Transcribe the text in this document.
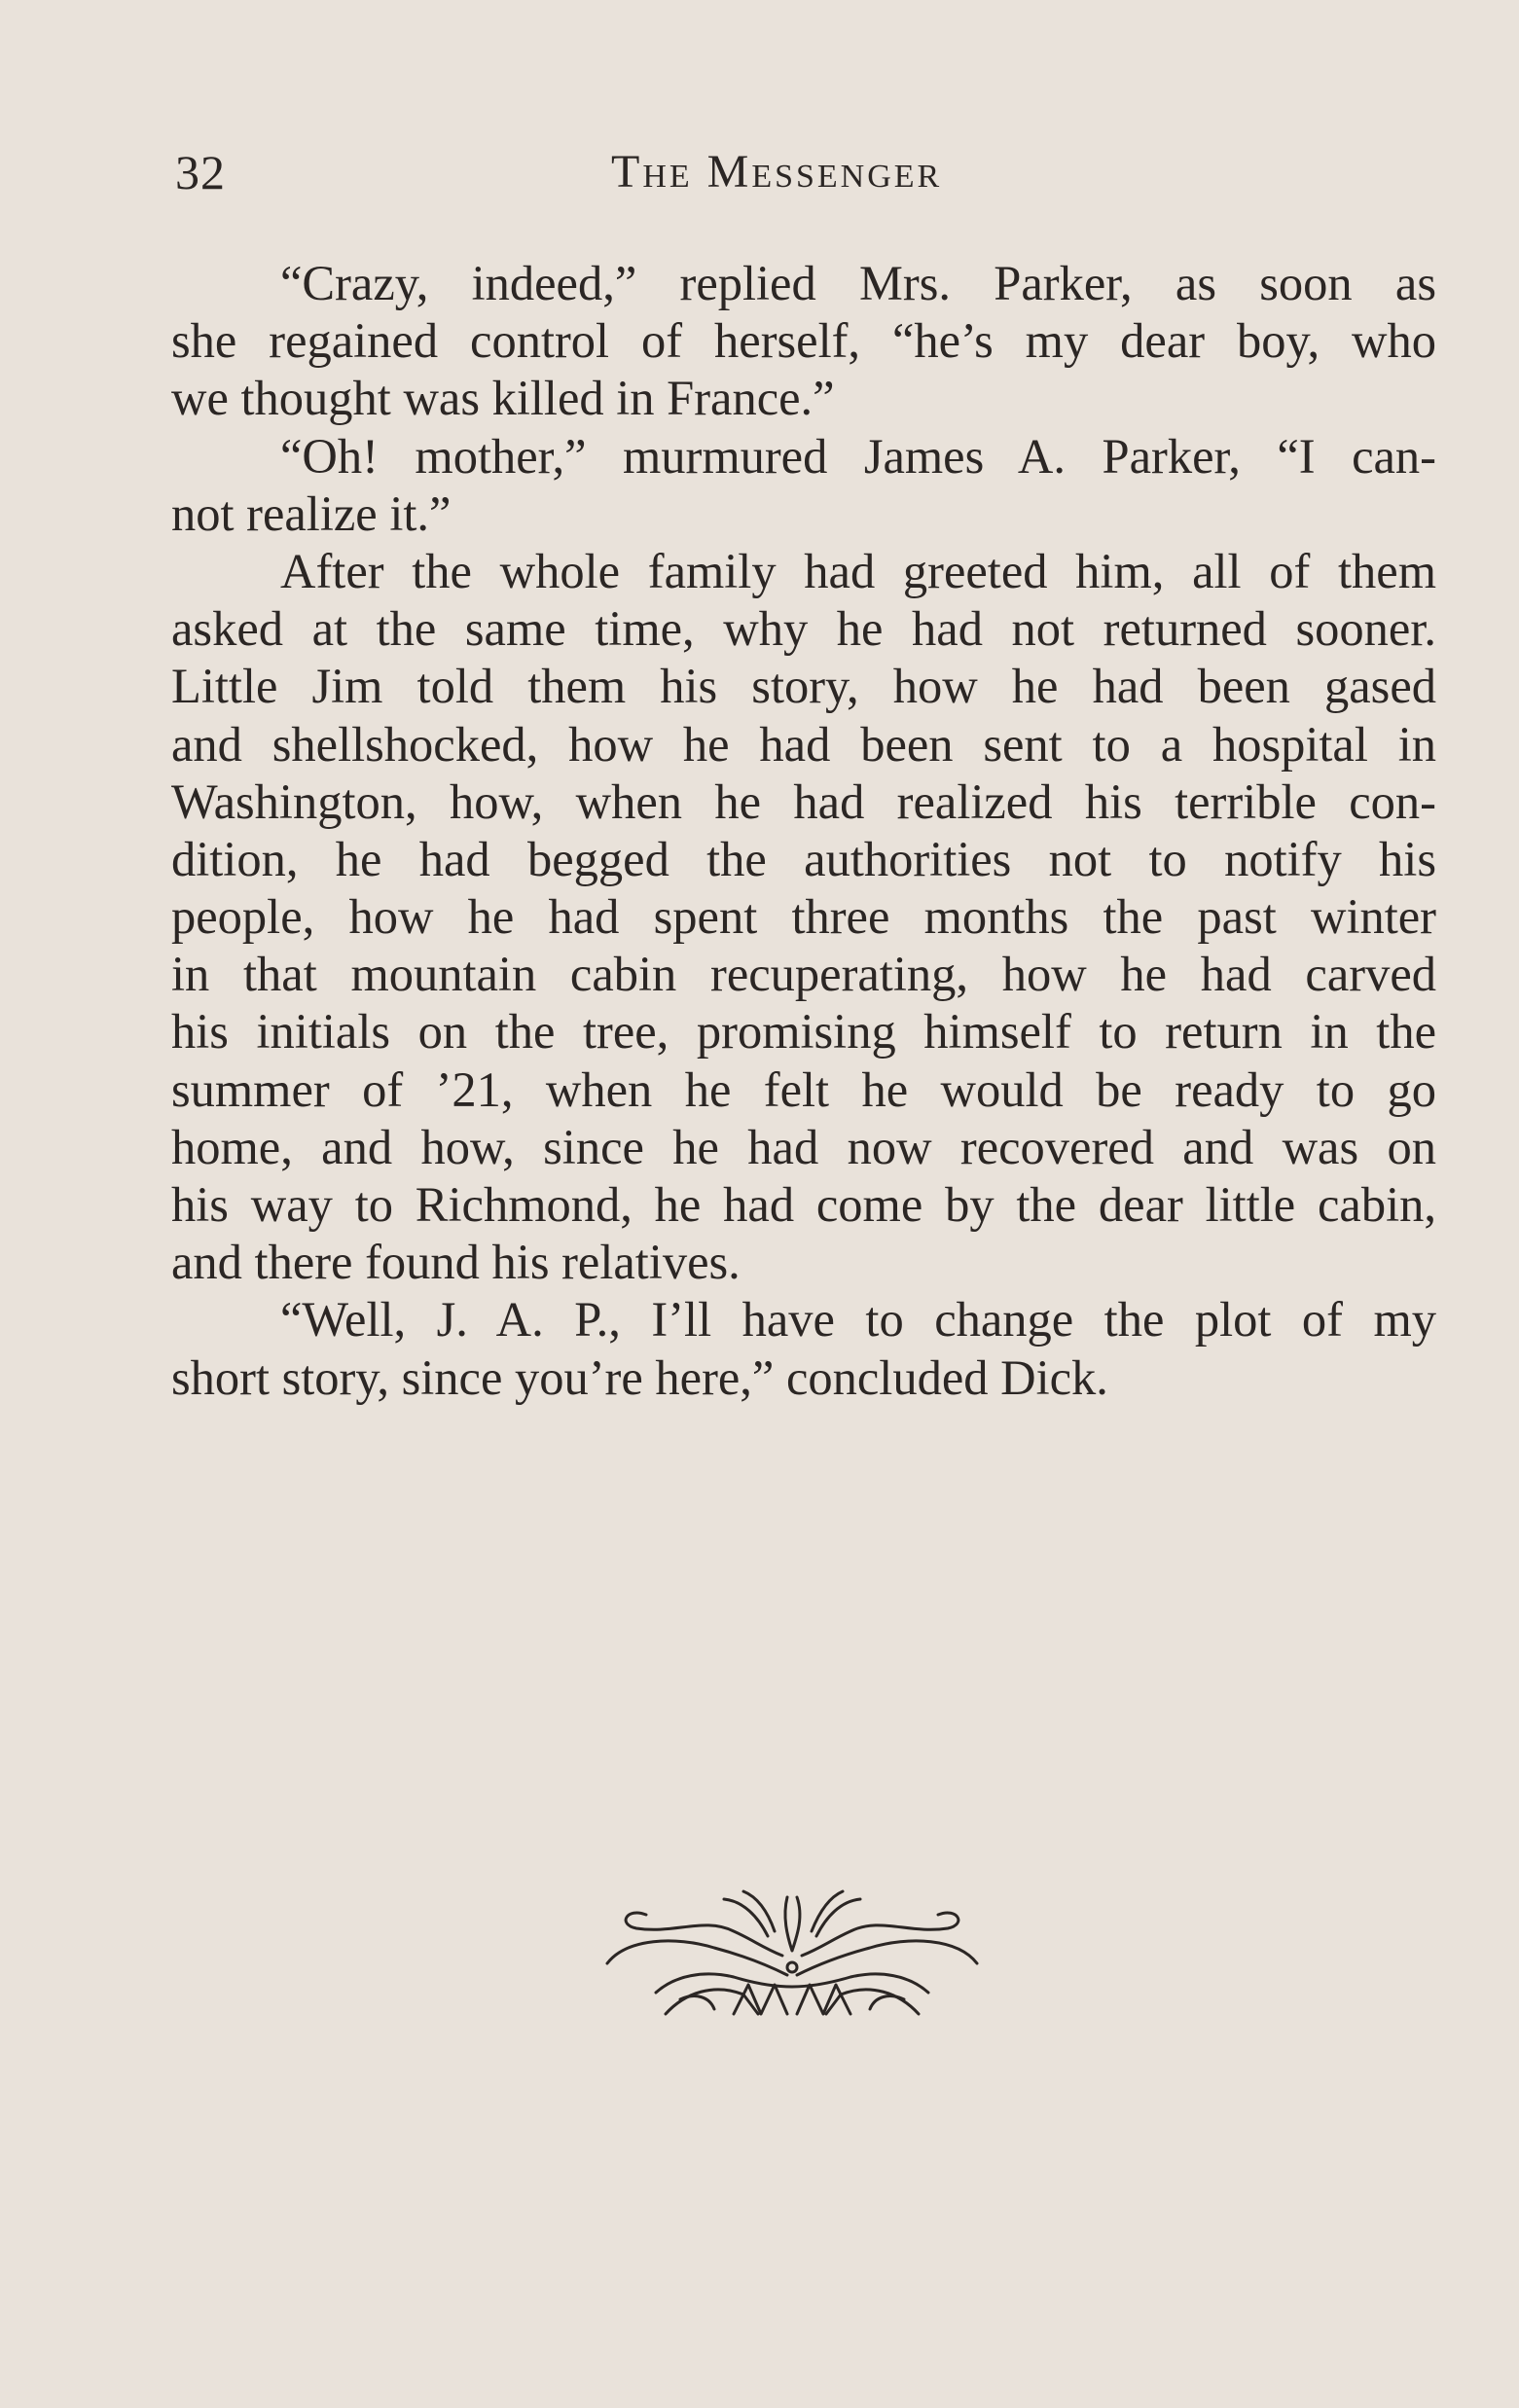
32	The Messenger
“Crazy, indeed,” replied Mrs. Parker, as soon as
she regained control of herself, “he’s my dear boy, who
we thought was killed in France.”
“Oh! mother,” murmured James A. Parker, “I can-
not realize it.”
After the whole family had greeted him, all of them
asked at the same time, why he had not returned sooner.
Little Jim told them his story, how he had been gased
and shellshocked, how he had been sent to a hospital in
Washington, how, when he had realized his terrible con-
dition, he had begged the authorities not to notify his
people, how he had spent three months the past winter
in that mountain cabin recuperating, how he had carved
his initials on the tree, promising himself to return in the
summer of ’21, when he felt he would be ready to go
home, and how, since he had now recovered and was on
his way to Richmond, he had come by the dear little cabin,
and there found his relatives.
“Well, J. A. P., I’ll have to change the plot of my
short story, since you’re here,” concluded Dick.
